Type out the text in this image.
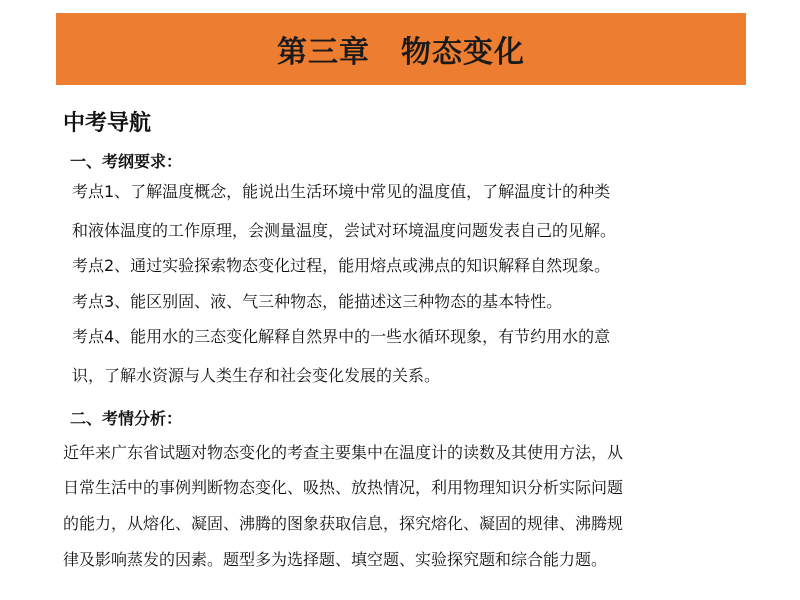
第三章　物态变化
中考导航
一、考纲要求：
考点1、了解温度概念，能说出生活环境中常见的温度值，了解温度计的种类
和液体温度的工作原理，会测量温度，尝试对环境温度问题发表自己的见解。
考点2、通过实验探索物态变化过程，能用熔点或沸点的知识解释自然现象。
考点3、能区别固、液、气三种物态，能描述这三种物态的基本特性。
考点4、能用水的三态变化解释自然界中的一些水循环现象，有节约用水的意
识，了解水资源与人类生存和社会变化发展的关系。
二、考情分析：
近年来广东省试题对物态变化的考查主要集中在温度计的读数及其使用方法，从
日常生活中的事例判断物态变化、吸热、放热情况，利用物理知识分析实际问题
的能力，从熔化、凝固、沸腾的图象获取信息，探究熔化、凝固的规律、沸腾规
律及影响蒸发的因素。题型多为选择题、填空题、实验探究题和综合能力题。
